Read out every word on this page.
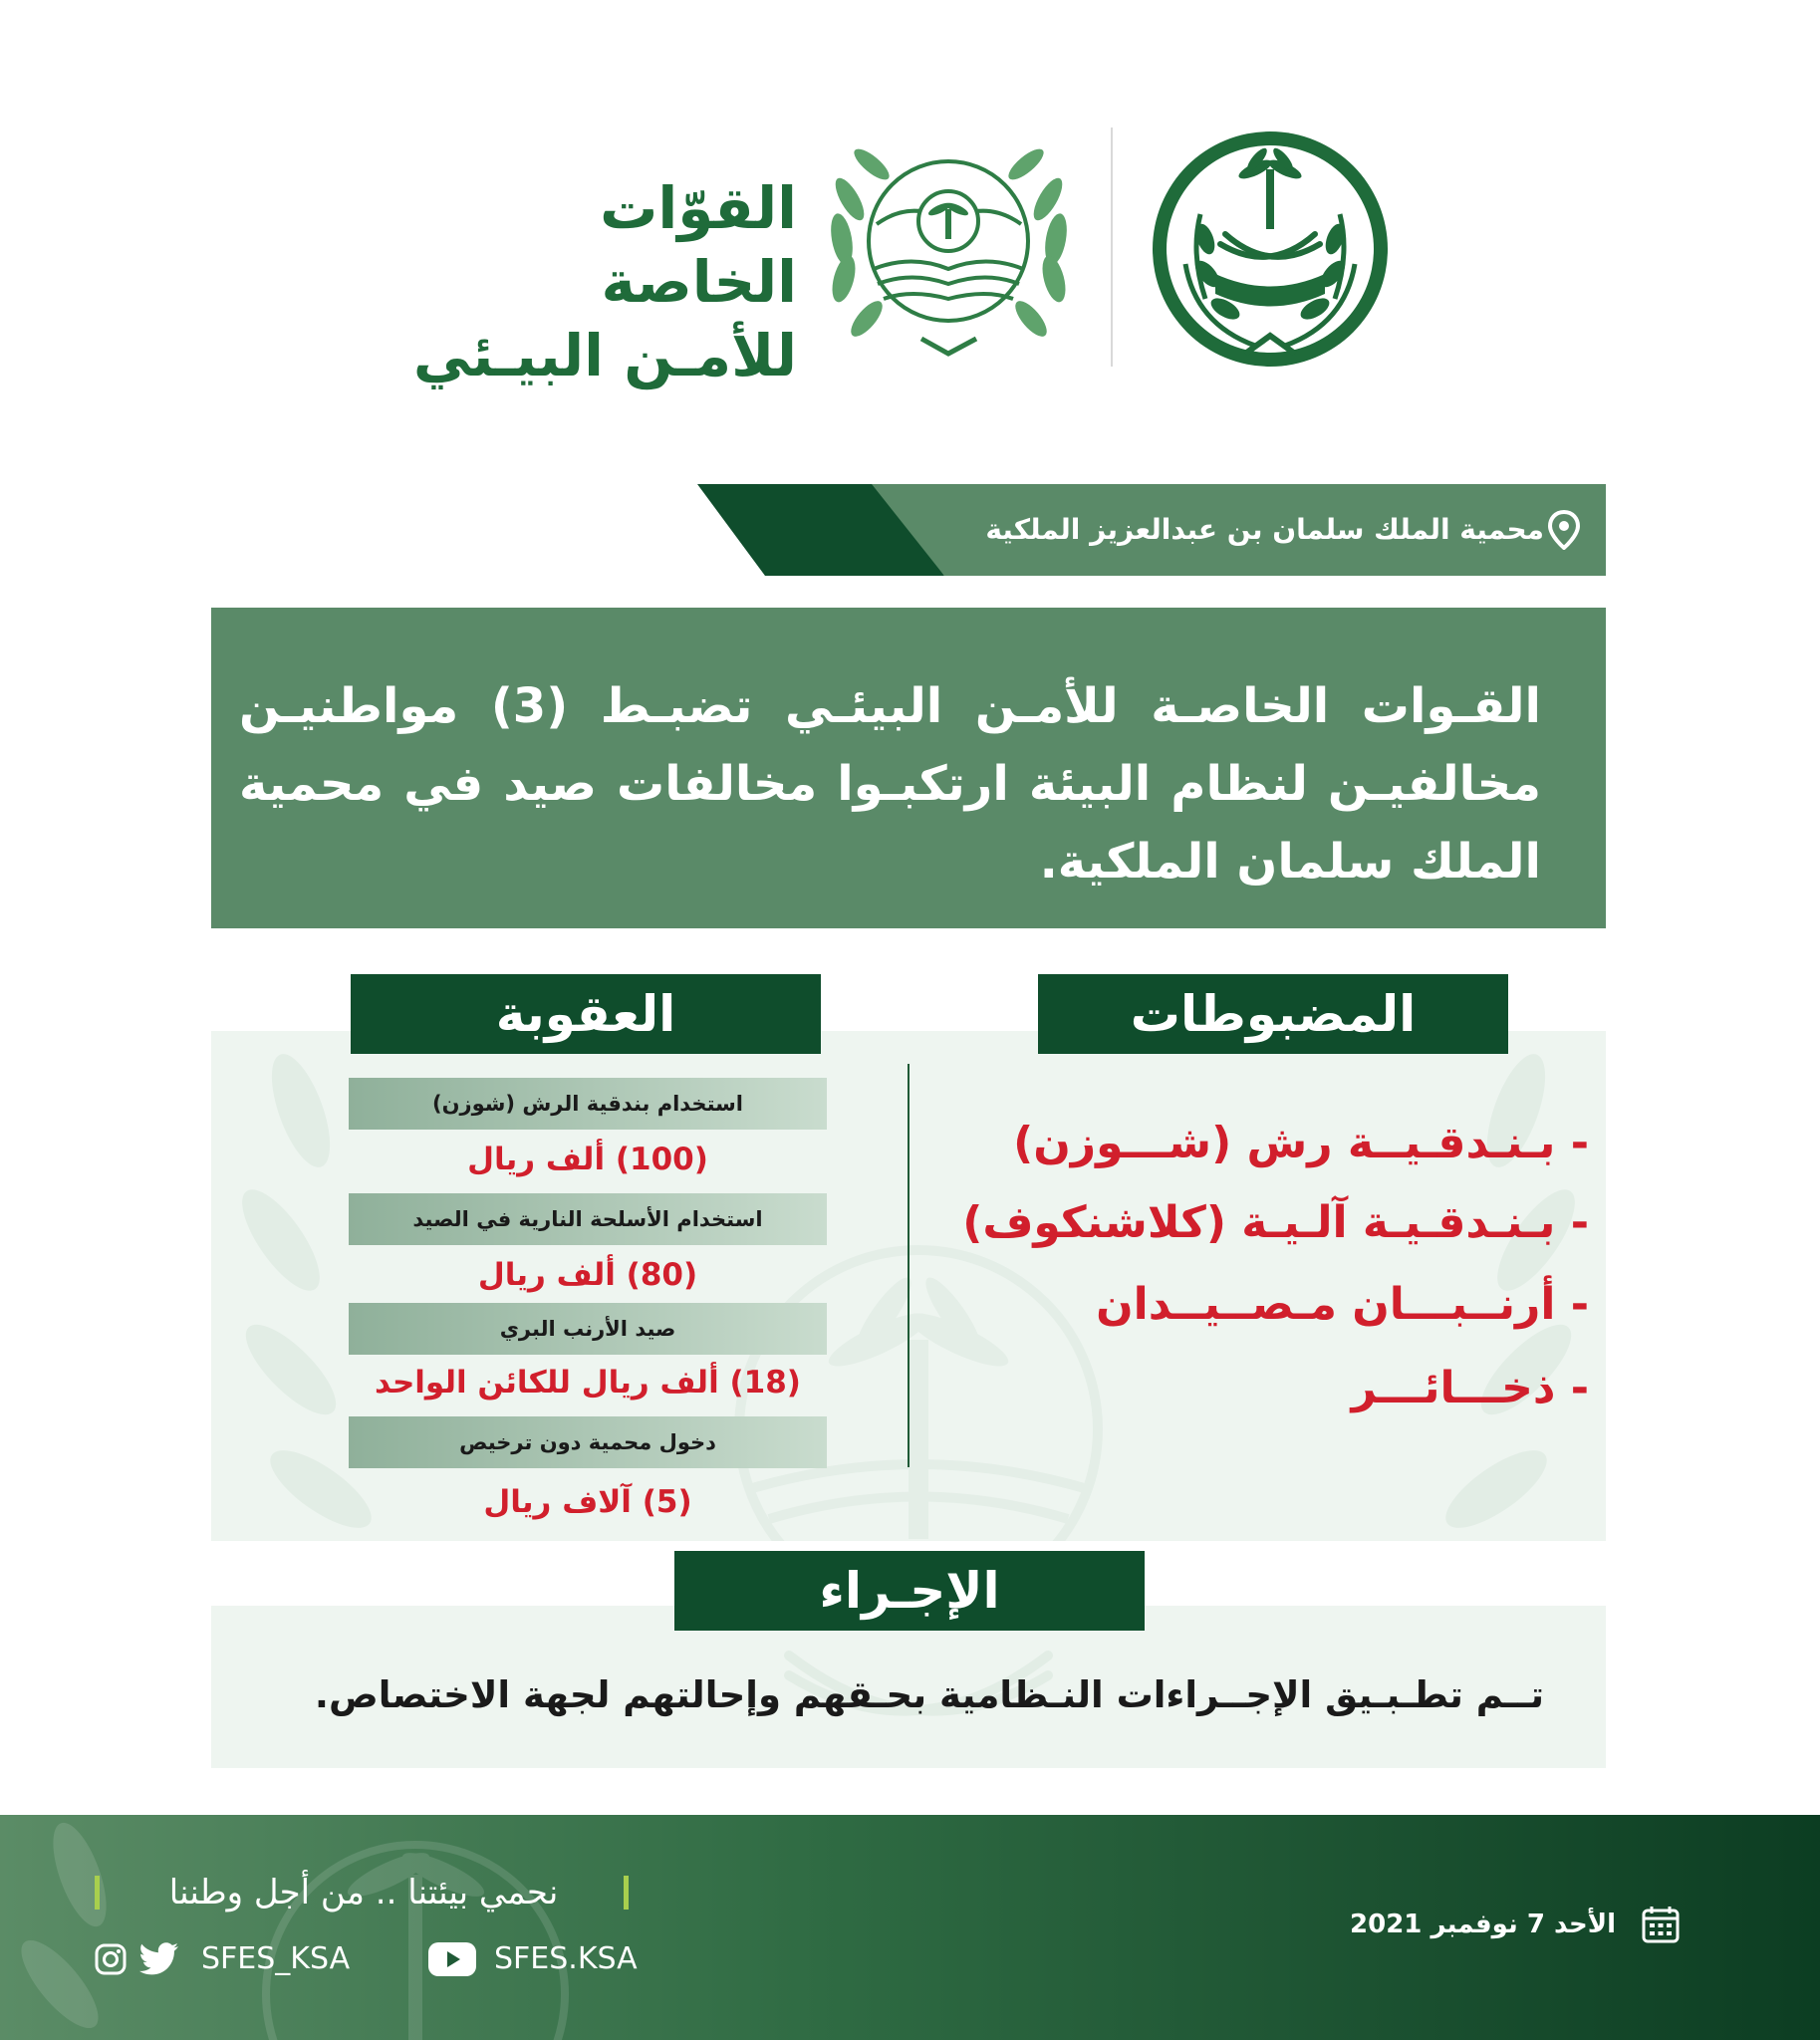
القوّات الخاصة
للأمـن البيـئي
محمية الملك سلمان بن عبدالعزيز الملكية
القـوات الخاصـة للأمـن البيئـي تضبـط (3) مواطنيـن مخالفيـن لنظام البيئة ارتكبـوا مخالفات صيد في محمية الملك سلمان الملكية.
العقوبة	المضبوطات
استخدام بندقية الرش (شوزن)
(100) ألف ريال
استخدام الأسلحة النارية في الصيد
(80) ألف ريال
صيد الأرنب البري
(18) ألف ريال للكائن الواحد
دخول محمية دون ترخيص
(5) آلاف ريال
- بـنـدقـيــة رش (شـــوزن)
- بـنـدقـيـة آلـيـة (كلاشنكوف)
- أرنــبـــان مـصــيــدان
- ذخـــائـــر
الإجـراء
تــم تطـبـيق الإجــراءات النـظامية بحـقهم وإحالتهم لجهة الاختصاص.
نحمي بيئتنا .. من أجل وطننا
SFES_KSA	SFES.KSA
الأحد 7 نوفمبر 2021
